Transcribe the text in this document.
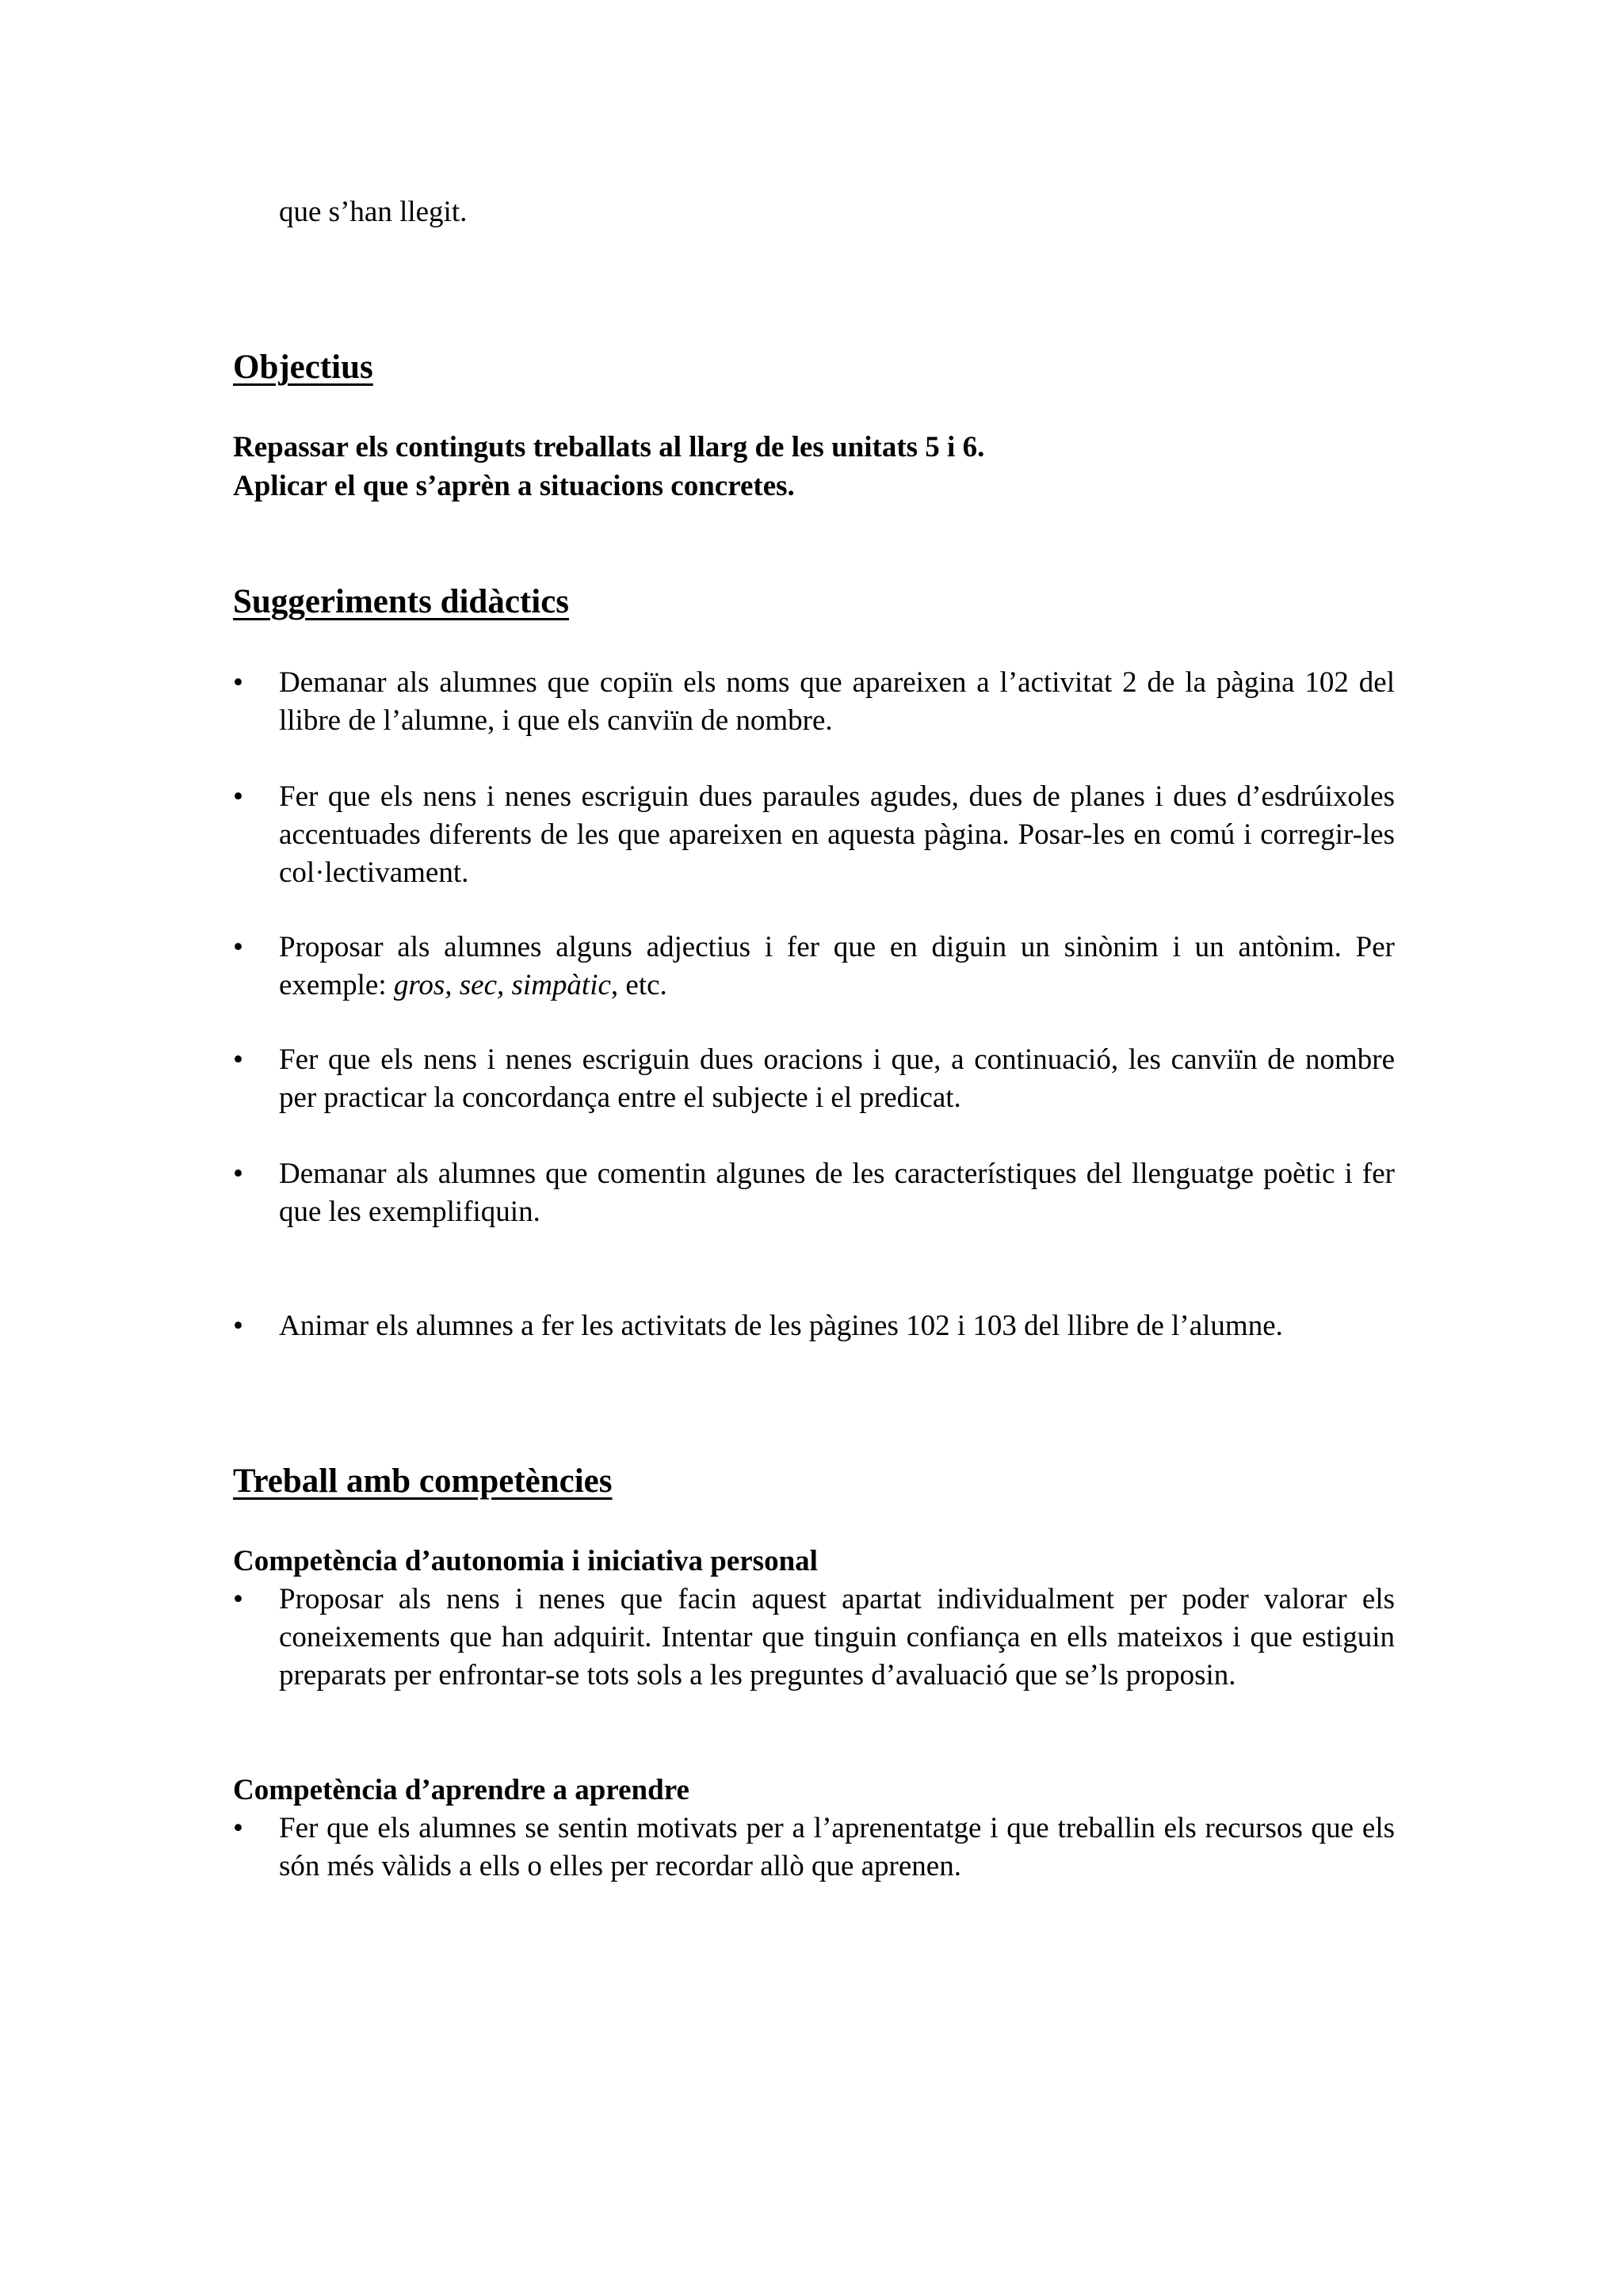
que s’han llegit.
Objectius
Repassar els continguts treballats al llarg de les unitats 5 i 6.
Aplicar el que s’aprèn a situacions concretes.
Suggeriments didàctics
•	Demanar als alumnes que copiïn els noms que apareixen a l’activitat 2 de la pàgina 102 del llibre de l’alumne, i que els canviïn de nombre.
•	Fer que els nens i nenes escriguin dues paraules agudes, dues de planes i dues d’esdrúixoles accentuades diferents de les que apareixen en aquesta pàgina. Posar-les en comú i corregir-les col·lectivament.
•	Proposar als alumnes alguns adjectius i fer que en diguin un sinònim i un antònim. Per exemple: gros, sec, simpàtic, etc.
•	Fer que els nens i nenes escriguin dues oracions i que, a continuació, les canviïn de nombre per practicar la concordança entre el subjecte i el predicat.
•	Demanar als alumnes que comentin algunes de les característiques del llenguatge poètic i fer que les exemplifiquin.
•	Animar els alumnes a fer les activitats de les pàgines 102 i 103 del llibre de l’alumne.
Treball amb competències
Competència d’autonomia i iniciativa personal
•	Proposar als nens i nenes que facin aquest apartat individualment per poder valorar els coneixements que han adquirit. Intentar que tinguin confiança en ells mateixos i que estiguin preparats per enfrontar-se tots sols a les preguntes d’avaluació que se’ls proposin.
Competència d’aprendre a aprendre
•	Fer que els alumnes se sentin motivats per a l’aprenentatge i que treballin els recursos que els són més vàlids a ells o elles per recordar allò que aprenen.
